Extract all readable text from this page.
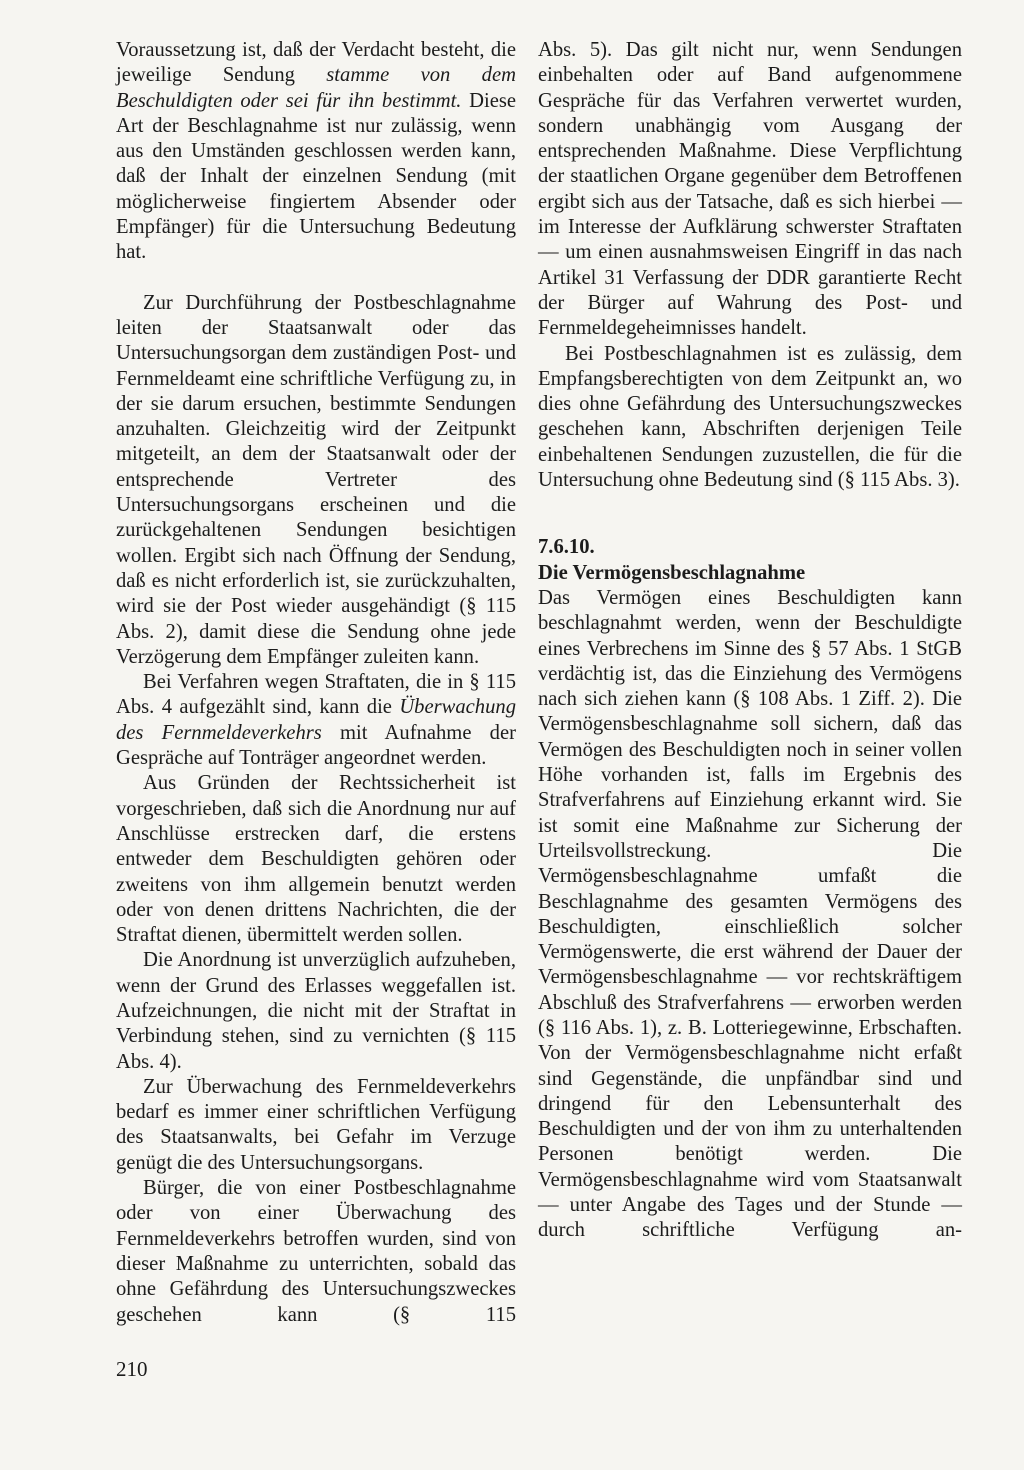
Voraussetzung ist, daß der Verdacht besteht, die jeweilige Sendung stamme von dem Beschuldigten oder sei für ihn bestimmt. Diese Art der Beschlagnahme ist nur zulässig, wenn aus den Umständen geschlossen werden kann, daß der Inhalt der einzelnen Sendung (mit möglicherweise fingiertem Absender oder Empfänger) für die Untersuchung Bedeutung hat.

Zur Durchführung der Postbeschlagnahme leiten der Staatsanwalt oder das Untersuchungsorgan dem zuständigen Post- und Fernmeldeamt eine schriftliche Verfügung zu, in der sie darum ersuchen, bestimmte Sendungen anzuhalten. Gleichzeitig wird der Zeitpunkt mitgeteilt, an dem der Staatsanwalt oder der entsprechende Vertreter des Untersuchungsorgans erscheinen und die zurückgehaltenen Sendungen besichtigen wollen. Ergibt sich nach Öffnung der Sendung, daß es nicht erforderlich ist, sie zurückzuhalten, wird sie der Post wieder ausgehändigt (§ 115 Abs. 2), damit diese die Sendung ohne jede Verzögerung dem Empfänger zuleiten kann.

Bei Verfahren wegen Straftaten, die in § 115 Abs. 4 aufgezählt sind, kann die Überwachung des Fernmeldeverkehrs mit Aufnahme der Gespräche auf Tonträger angeordnet werden.

Aus Gründen der Rechtssicherheit ist vorgeschrieben, daß sich die Anordnung nur auf Anschlüsse erstrecken darf, die erstens entweder dem Beschuldigten gehören oder zweitens von ihm allgemein benutzt werden oder von denen drittens Nachrichten, die der Straftat dienen, übermittelt werden sollen.

Die Anordnung ist unverzüglich aufzuheben, wenn der Grund des Erlasses weggefallen ist. Aufzeichnungen, die nicht mit der Straftat in Verbindung stehen, sind zu vernichten (§ 115 Abs. 4).

Zur Überwachung des Fernmeldeverkehrs bedarf es immer einer schriftlichen Verfügung des Staatsanwalts, bei Gefahr im Verzuge genügt die des Untersuchungsorgans.

Bürger, die von einer Postbeschlagnahme oder von einer Überwachung des Fernmeldeverkehrs betroffen wurden, sind von dieser Maßnahme zu unterrichten, sobald das ohne Gefährdung des Untersuchungszweckes geschehen kann (§ 115

Abs. 5). Das gilt nicht nur, wenn Sendungen einbehalten oder auf Band aufgenommene Gespräche für das Verfahren verwertet wurden, sondern unabhängig vom Ausgang der entsprechenden Maßnahme. Diese Verpflichtung der staatlichen Organe gegenüber dem Betroffenen ergibt sich aus der Tatsache, daß es sich hierbei — im Interesse der Aufklärung schwerster Straftaten — um einen ausnahmsweisen Eingriff in das nach Artikel 31 Verfassung der DDR garantierte Recht der Bürger auf Wahrung des Post- und Fernmeldegeheimnisses handelt.

Bei Postbeschlagnahmen ist es zulässig, dem Empfangsberechtigten von dem Zeitpunkt an, wo dies ohne Gefährdung des Untersuchungszweckes geschehen kann, Abschriften derjenigen Teile einbehaltenen Sendungen zuzustellen, die für die Untersuchung ohne Bedeutung sind (§ 115 Abs. 3).

7.6.10.
Die Vermögensbeschlagnahme

Das Vermögen eines Beschuldigten kann beschlagnahmt werden, wenn der Beschuldigte eines Verbrechens im Sinne des § 57 Abs. 1 StGB verdächtig ist, das die Einziehung des Vermögens nach sich ziehen kann (§ 108 Abs. 1 Ziff. 2). Die Vermögensbeschlagnahme soll sichern, daß das Vermögen des Beschuldigten noch in seiner vollen Höhe vorhanden ist, falls im Ergebnis des Strafverfahrens auf Einziehung erkannt wird. Sie ist somit eine Maßnahme zur Sicherung der Urteilsvollstreckung. Die Vermögensbeschlagnahme umfaßt die Beschlagnahme des gesamten Vermögens des Beschuldigten, einschließlich solcher Vermögenswerte, die erst während der Dauer der Vermögensbeschlagnahme — vor rechtskräftigem Abschluß des Strafverfahrens — erworben werden (§ 116 Abs. 1), z. B. Lotteriegewinne, Erbschaften. Von der Vermögensbeschlagnahme nicht erfaßt sind Gegenstände, die unpfändbar sind und dringend für den Lebensunterhalt des Beschuldigten und der von ihm zu unterhaltenden Personen benötigt werden. Die Vermögensbeschlagnahme wird vom Staatsanwalt — unter Angabe des Tages und der Stunde — durch schriftliche Verfügung an-

210
